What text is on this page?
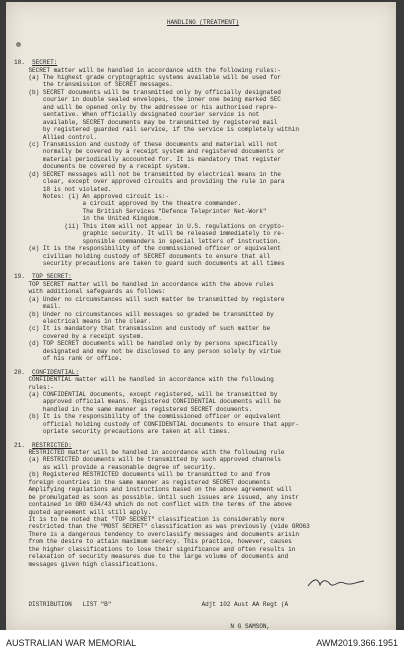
HANDLING (TREATMENT)

18. SECRET:
SECRET matter will be handled in accordance with the following rules:-
(a) The highest grade cryptographic systems available will be used for
the transmission of SECRET messages.
(b) SECRET documents will be transmitted only by officially designated
courier in double sealed envelopes, the inner one being marked SEC
and will be opened only by the addressee or his authorised repre-
sentative. When officially designated courier service is not
available, SECRET documents may be transmitted by registered mail
by registered guarded rail service, if the service is completely within
Allied control.
(c) Transmission and custody of these documents and material will not
normally be covered by a receipt system and registered documents or
material periodically accounted for. It is mandatory that register
documents be covered by a receipt system.
(d) SECRET messages will not be transmitted by electrical means in the
clear, except over approved circuits and providing the rule in para
18 is not violated.
Notes: (i) An approved circuit is:-
a circuit approved by the theatre commander.
The British Services "Defence Teleprinter Net-Work"
in the United Kingdom.
(ii) This item will not appear in U.S. regulations on crypto-
graphic security. It will be released immediately to re-
sponsible commanders in special letters of instruction.
(e) It is the responsibility of the commissioned officer or equivalent
civilian holding custody of SECRET documents to ensure that all
security precautions are taken to guard such documents at all times
19. TOP SECRET:
TOP SECRET matter will be handled in accordance with the above rules
with additional safeguards as follows:
(a) Under no circumstances will such matter be transmitted by registere
mail.
(b) Under no circumstances will messages so graded be transmitted by
electrical means in the clear.
(c) It is mandatory that transmission and custody of such matter be
covered by a receipt system.
(d) TOP SECRET documents will be handled only by persons specifically
designated and may not be disclosed to any person solely by virtue
of his rank or office.
20. CONFIDENTIAL:
CONFIDENTIAL matter will be handled in accordance with the following
rules:-
(a) CONFIDENTIAL documents, except registered, will be transmitted by
approved official means. Registered CONFIDENTIAL documents will be
handled in the same manner as registered SECRET documents.
(b) It is the responsibility of the commissioned officer or equivalent
official holding custody of CONFIDENTIAL documents to ensure that appr-
opriate security precautions are taken at all times.
21. RESTRICTED:
RESTRICTED matter will be handled in accordance with the following rule
(a) RESTRICTED documents will be transmitted by such approved channels
as will provide a reasonable degree of security.
(b) Registered RESTRICTED documents will be transmitted to and from
foreign countries in the same manner as registered SECRET documents
Amplifying regulations and instructions based on the above agreement will
be promulgated as soon as possible. Until such issues are issued, any instr
contained in GRO 634/43 which do not conflict with the terms of the above
quoted agreement will still apply.
It is to be noted that "TOP SECRET" classification is considerably more
restricted than the "MOST SECRET" classification as was previously (vide GRO63
There is a dangerous tendency to overclassify messages and documents arisin
from the desire to attain maximum secrecy. This practice, however, causes
the higher classifications to lose their significance and often results in
relaxation of security measures due to the large volume of documents and
messages given high classifications.

DISTRIBUTION   LIST "B"	Adjt 102 Aust AA Regt (A

N G SAMSON,

AUSTRALIAN WAR MEMORIAL	AWM2019.366.1951
